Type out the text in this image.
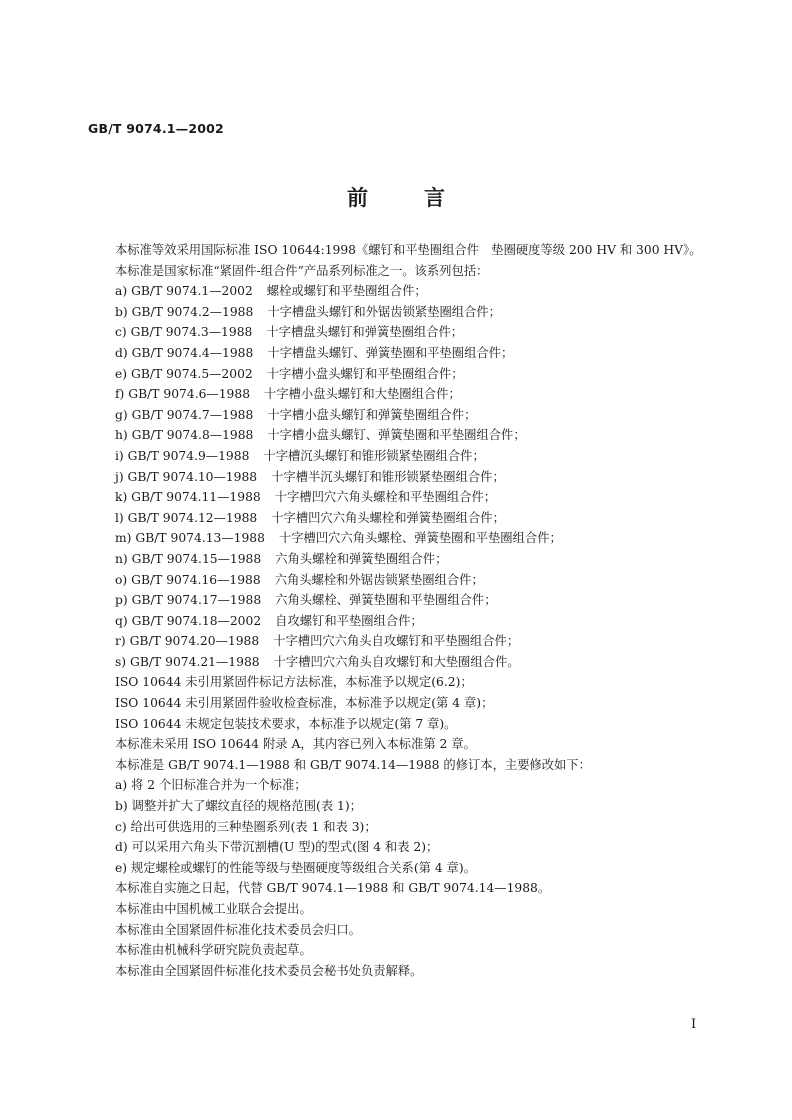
GB/T 9074.1—2002
前言

本标准等效采用国际标准 ISO 10644:1998《螺钉和平垫圈组合件　垫圈硬度等级 200 HV 和 300 HV》。

本标准是国家标准“紧固件-组合件”产品系列标准之一。该系列包括：

a) GB/T 9074.1—2002 螺栓或螺钉和平垫圈组合件；

b) GB/T 9074.2—1988 十字槽盘头螺钉和外锯齿锁紧垫圈组合件；

c) GB/T 9074.3—1988 十字槽盘头螺钉和弹簧垫圈组合件；

d) GB/T 9074.4—1988 十字槽盘头螺钉、弹簧垫圈和平垫圈组合件；

e) GB/T 9074.5—2002 十字槽小盘头螺钉和平垫圈组合件；

f) GB/T 9074.6—1988 十字槽小盘头螺钉和大垫圈组合件；

g) GB/T 9074.7—1988 十字槽小盘头螺钉和弹簧垫圈组合件；

h) GB/T 9074.8—1988 十字槽小盘头螺钉、弹簧垫圈和平垫圈组合件；

i) GB/T 9074.9—1988 十字槽沉头螺钉和锥形锁紧垫圈组合件；

j) GB/T 9074.10—1988 十字槽半沉头螺钉和锥形锁紧垫圈组合件；

k) GB/T 9074.11—1988 十字槽凹穴六角头螺栓和平垫圈组合件；

l) GB/T 9074.12—1988 十字槽凹穴六角头螺栓和弹簧垫圈组合件；

m) GB/T 9074.13—1988 十字槽凹穴六角头螺栓、弹簧垫圈和平垫圈组合件；

n) GB/T 9074.15—1988 六角头螺栓和弹簧垫圈组合件；

o) GB/T 9074.16—1988 六角头螺栓和外锯齿锁紧垫圈组合件；

p) GB/T 9074.17—1988 六角头螺栓、弹簧垫圈和平垫圈组合件；

q) GB/T 9074.18—2002 自攻螺钉和平垫圈组合件；

r) GB/T 9074.20—1988 十字槽凹穴六角头自攻螺钉和平垫圈组合件；

s) GB/T 9074.21—1988 十字槽凹穴六角头自攻螺钉和大垫圈组合件。

ISO 10644 未引用紧固件标记方法标准，本标准予以规定(6.2)；

ISO 10644 未引用紧固件验收检查标准，本标准予以规定(第 4 章)；

ISO 10644 未规定包装技术要求，本标准予以规定(第 7 章)。

本标准未采用 ISO 10644 附录 A，其内容已列入本标准第 2 章。

本标准是 GB/T 9074.1—1988 和 GB/T 9074.14—1988 的修订本，主要修改如下：

a) 将 2 个旧标准合并为一个标准；

b) 调整并扩大了螺纹直径的规格范围(表 1)；

c) 给出可供选用的三种垫圈系列(表 1 和表 3)；

d) 可以采用六角头下带沉割槽(U 型)的型式(图 4 和表 2)；

e) 规定螺栓或螺钉的性能等级与垫圈硬度等级组合关系(第 4 章)。

本标准自实施之日起，代替 GB/T 9074.1—1988 和 GB/T 9074.14—1988。

本标准由中国机械工业联合会提出。

本标准由全国紧固件标准化技术委员会归口。

本标准由机械科学研究院负责起草。

本标准由全国紧固件标准化技术委员会秘书处负责解释。

I
